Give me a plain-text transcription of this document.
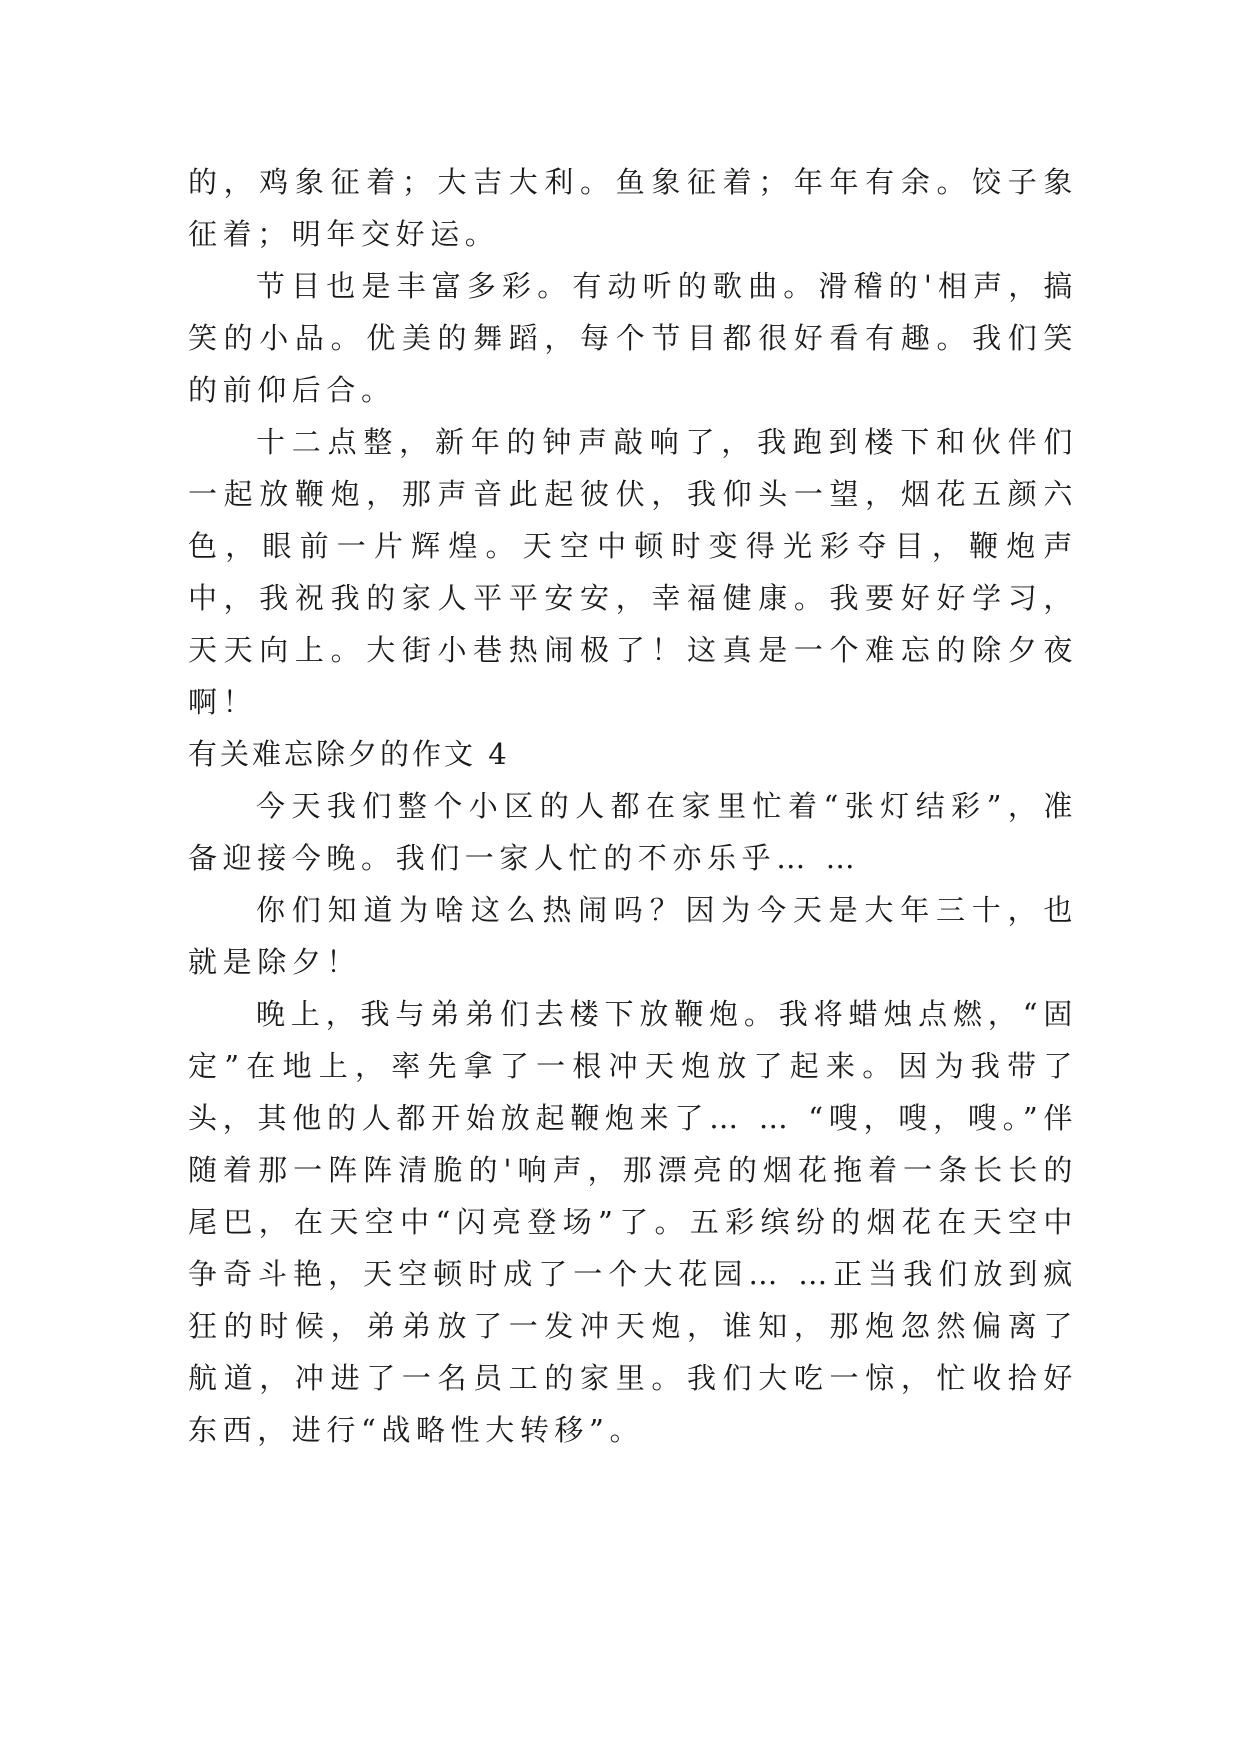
的，鸡象征着；大吉大利。鱼象征着；年年有余。饺子象征着；明年交好运。

节目也是丰富多彩。有动听的歌曲。滑稽的'相声，搞笑的小品。优美的舞蹈，每个节目都很好看有趣。我们笑的前仰后合。

十二点整，新年的钟声敲响了，我跑到楼下和伙伴们一起放鞭炮，那声音此起彼伏，我仰头一望，烟花五颜六色，眼前一片辉煌。天空中顿时变得光彩夺目，鞭炮声中，我祝我的家人平平安安，幸福健康。我要好好学习，天天向上。大街小巷热闹极了！这真是一个难忘的除夕夜啊！

有关难忘除夕的作文 4

今天我们整个小区的人都在家里忙着“张灯结彩”，准备迎接今晚。我们一家人忙的不亦乐乎… …

你们知道为啥这么热闹吗？因为今天是大年三十，也就是除夕！

晚上，我与弟弟们去楼下放鞭炮。我将蜡烛点燃，“固定”在地上，率先拿了一根冲天炮放了起来。因为我带了头，其他的人都开始放起鞭炮来了… … “嗖，嗖，嗖。”伴随着那一阵阵清脆的'响声，那漂亮的烟花拖着一条长长的尾巴，在天空中“闪亮登场”了。五彩缤纷的烟花在天空中争奇斗艳，天空顿时成了一个大花园… …正当我们放到疯狂的时候，弟弟放了一发冲天炮，谁知，那炮忽然偏离了航道，冲进了一名员工的家里。我们大吃一惊，忙收拾好东西，进行“战略性大转移”。
